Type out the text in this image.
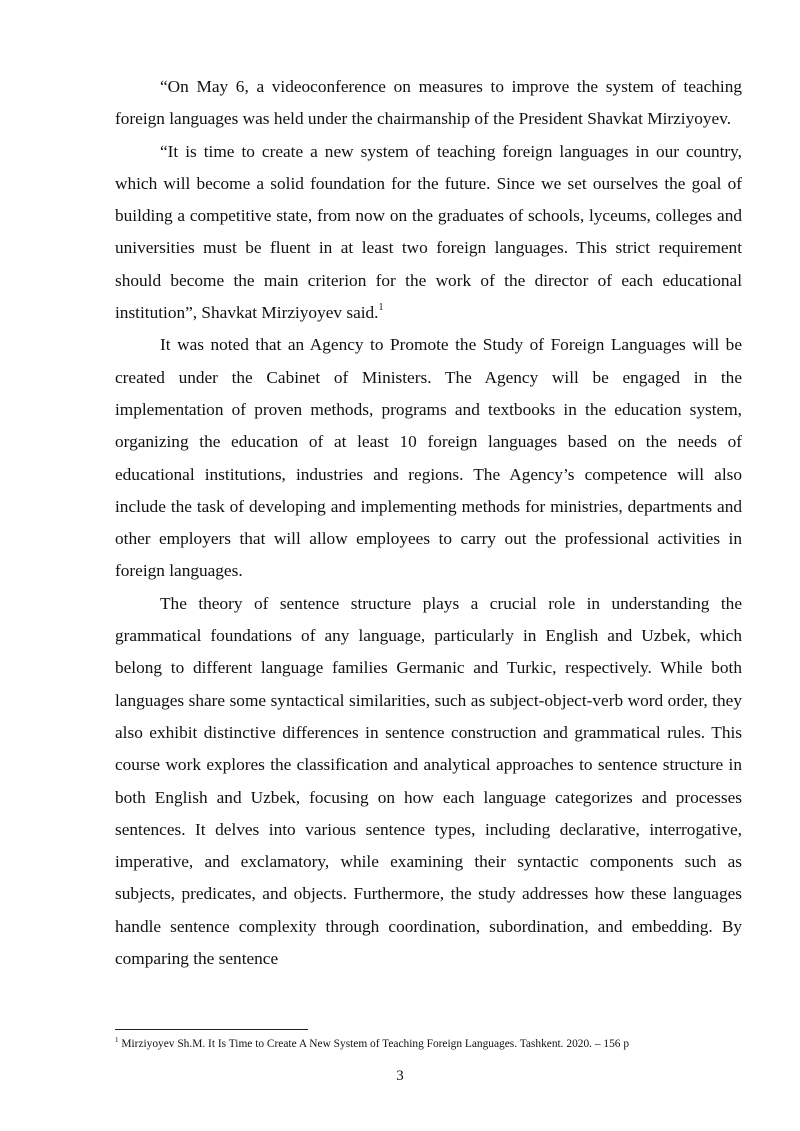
“On May 6, a videoconference on measures to improve the system of teaching foreign languages was held under the chairmanship of the President Shavkat Mirziyoyev.

“It is time to create a new system of teaching foreign languages in our country, which will become a solid foundation for the future. Since we set ourselves the goal of building a competitive state, from now on the graduates of schools, lyceums, colleges and universities must be fluent in at least two foreign languages. This strict requirement should become the main criterion for the work of the director of each educational institution”, Shavkat Mirziyoyev said.$^1$

It was noted that an Agency to Promote the Study of Foreign Languages will be created under the Cabinet of Ministers. The Agency will be engaged in the implementation of proven methods, programs and textbooks in the education system, organizing the education of at least 10 foreign languages based on the needs of educational institutions, industries and regions. The Agency’s competence will also include the task of developing and implementing methods for ministries, departments and other employers that will allow employees to carry out the professional activities in foreign languages.

The theory of sentence structure plays a crucial role in understanding the grammatical foundations of any language, particularly in English and Uzbek, which belong to different language families Germanic and Turkic, respectively. While both languages share some syntactical similarities, such as subject-object-verb word order, they also exhibit distinctive differences in sentence construction and grammatical rules. This course work explores the classification and analytical approaches to sentence structure in both English and Uzbek, focusing on how each language categorizes and processes sentences. It delves into various sentence types, including declarative, interrogative, imperative, and exclamatory, while examining their syntactic components such as subjects, predicates, and objects. Furthermore, the study addresses how these languages handle sentence complexity through coordination, subordination, and embedding. By comparing the sentence

$^1$ Mirziyoyev Sh.M. It Is Time to Create A New System of Teaching Foreign Languages. Tashkent. 2020. – 156 p
3
